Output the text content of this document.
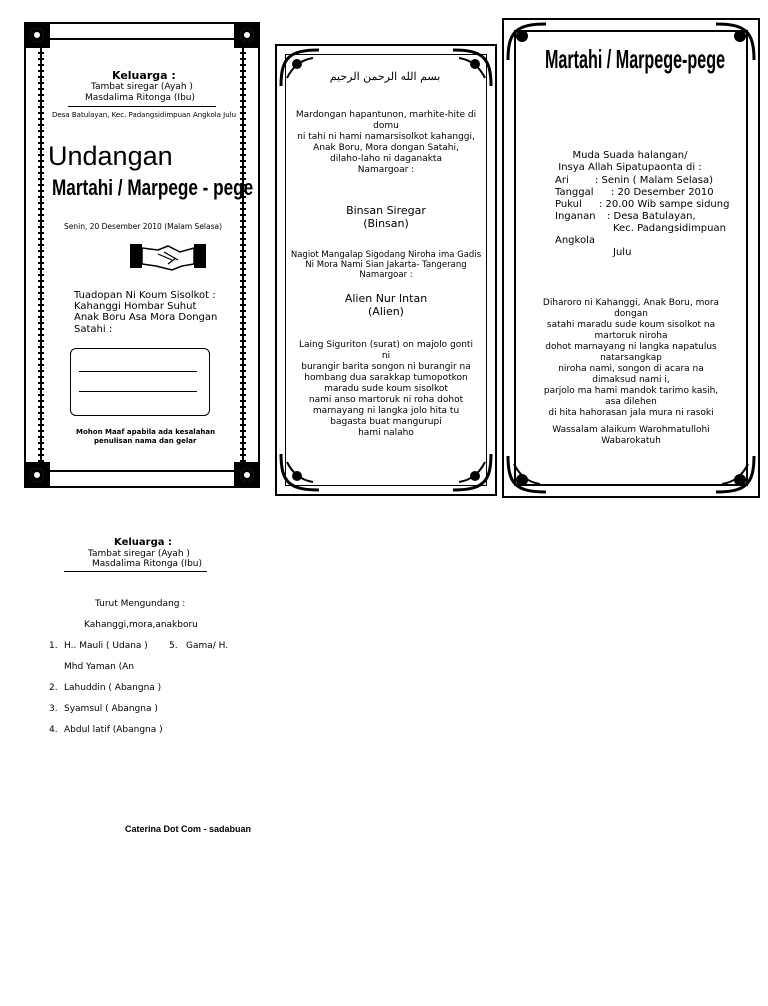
Keluarga :
Tambat siregar (Ayah )
Masdalima Ritonga (Ibu)
Desa Batulayan, Kec. Padangsidimpuan Angkola Julu
Undangan
Martahi / Marpege - pege
Senin, 20 Desember 2010 (Malam Selasa)
Tuadopan Ni Koum Sisolkot :
Kahanggi Hombar Suhut
Anak Boru Asa Mora Dongan
Satahi :
Mohon Maaf apabila ada kesalahan
penulisan nama dan gelar
بسم الله الرحمن الرحيم
Mardongan hapantunon, marhite-hite di
domu
ni tahi ni hami namarsisolkot kahanggi,
Anak Boru, Mora dongan Satahi,
dilaho-laho ni daganakta
Namargoar :
Binsan Siregar
(Binsan)
Nagiot Mangalap Sigodang Niroha ima Gadis
Ni Mora Nami Sian Jakarta- Tangerang
Namargoar :
Alien Nur Intan
(Alien)
Laing Siguriton (surat) on majolo gonti
ni
burangir barita songon ni burangir na
hombang dua sarakkap tumopotkon
maradu sude koum sisolkot
nami anso martoruk ni roha dohot
marnayang ni langka jolo hita tu
bagasta buat mangurupi
hami nalaho
Martahi / Marpege-pege
Muda Suada halangan/
Insya Allah Sipatupaonta di :
Ari	: Senin ( Malam Selasa)
Tanggal : 20 Desember 2010
Pukul : 20.00 Wib sampe sidung
Inganan : Desa Batulayan,
Kec. Padangsidimpuan
Angkola
Julu
Diharoro ni Kahanggi, Anak Boru, mora
dongan
satahi maradu sude koum sisolkot na
martoruk niroha
dohot marnayang ni langka napatulus
natarsangkap
niroha nami, songon di acara na
dimaksud nami i,
parjolo ma hami mandok tarimo kasih,
asa dilehen
di hita hahorasan jala mura ni rasoki
Wassalam alaikum Warohmatullohi
Wabarokatuh
Keluarga :
Tambat siregar (Ayah )
Masdalima Ritonga (Ibu)
Turut Mengundang :
Kahanggi,mora,anakboru
1. H.. Mauli ( Udana ) 5. Gama/ H.
Mhd Yaman (An
2. Lahuddin ( Abangna )
3. Syamsul ( Abangna )
4. Abdul latif (Abangna )
Caterina Dot Com - sadabuan
